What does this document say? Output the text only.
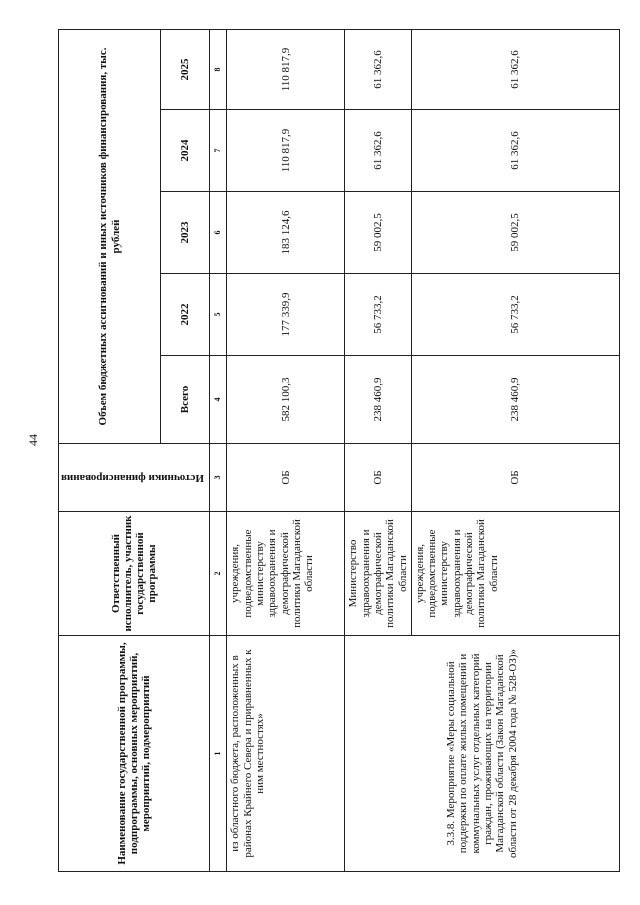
44
Наименование государственной программы, подпрограммы, основных мероприятий, мероприятий, подмероприятий	Ответственный исполнитель, участник государственной программы	Источники финансирования	Объем бюджетных ассигнований и иных источников финансирования, тыс. рублей				
			Всего	2022	2023	2024	2025
1	2	3	4	5	6	7	8
из областного бюджета, расположенных в районах Крайнего Севера и приравненных к ним местностях»	учреждения, подведомственные министерству здравоохранения и демографической политики Магаданской области	ОБ	582 100,3	177 339,9	183 124,6	110 817,9	110 817,9
3.3.8. Мероприятие «Меры социальной поддержки по оплате жилых помещений и коммунальных услуг отдельных категорий граждан, проживающих на территории Магаданской области (Закон Магаданской области от 28 декабря 2004 года № 528-ОЗ)»	Министерство здравоохранения и демографической политики Магаданской области	ОБ	238 460,9	56 733,2	59 002,5	61 362,6	61 362,6
	учреждения, подведомственные министерству здравоохранения и демографической политики Магаданской области	ОБ	238 460,9	56 733,2	59 002,5	61 362,6	61 362,6
